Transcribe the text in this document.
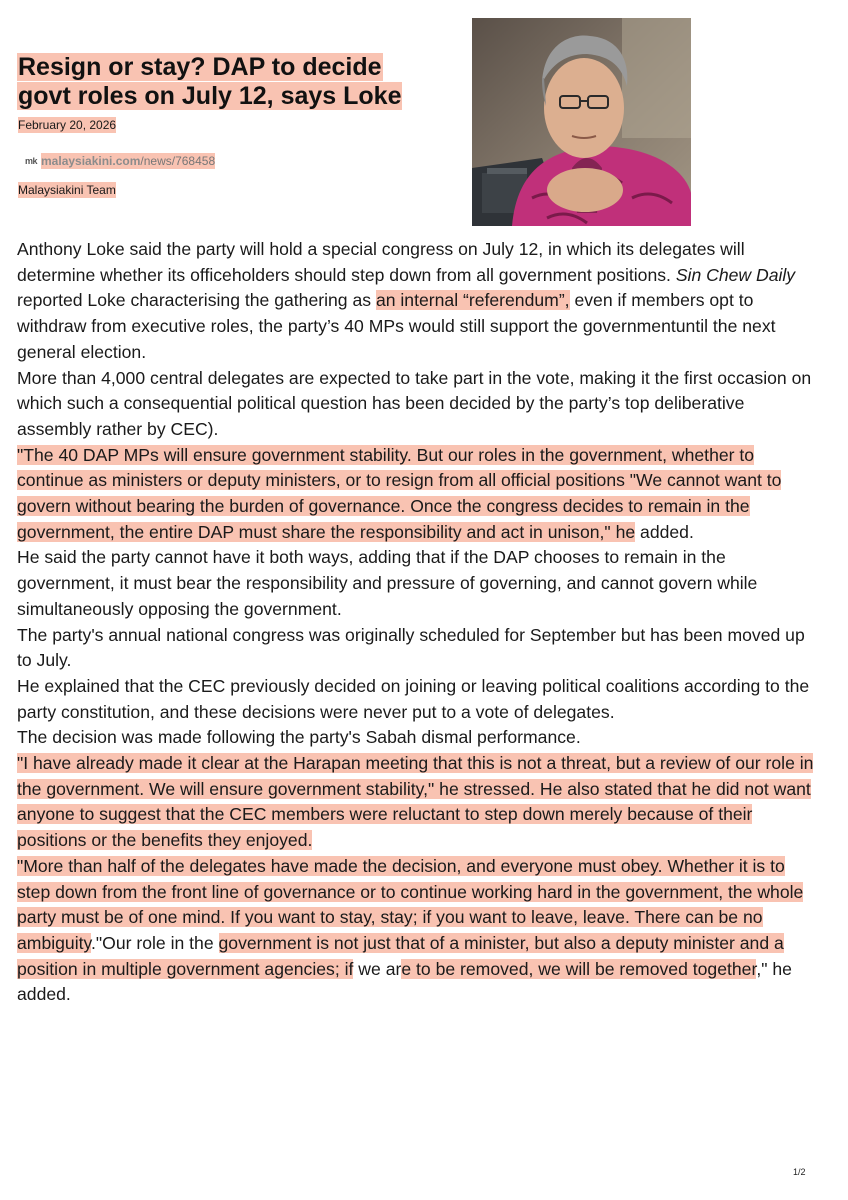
Resign or stay? DAP to decide
govt roles on July 12, says Loke
February 20, 2026
mk malaysiakini.com/news/768458
Malaysiakini Team

Anthony Loke said the party will hold a special congress on July 12, in which its delegates will determine whether its officeholders should step down from all government positions. Sin Chew Daily reported Loke characterising the gathering as an internal “referendum”, even if members opt to withdraw from executive roles, the party’s 40 MPs would still support the governmentuntil the next general election.

More than 4,000 central delegates are expected to take part in the vote, making it the first occasion on which such a consequential political question has been decided by the party’s top deliberative assembly rather by CEC).

"The 40 DAP MPs will ensure government stability. But our roles in the government, whether to continue as ministers or deputy ministers, or to resign from all official positions "We cannot want to govern without bearing the burden of governance. Once the congress decides to remain in the government, the entire DAP must share the responsibility and act in unison," he added.

He said the party cannot have it both ways, adding that if the DAP chooses to remain in the government, it must bear the responsibility and pressure of governing, and cannot govern while simultaneously opposing the government.

The party's annual national congress was originally scheduled for September but has been moved up to July.

He explained that the CEC previously decided on joining or leaving political coalitions according to the party constitution, and these decisions were never put to a vote of delegates.

The decision was made following the party's Sabah dismal performance.

"I have already made it clear at the Harapan meeting that this is not a threat, but a review of our role in the government. We will ensure government stability," he stressed. He also stated that he did not want anyone to suggest that the CEC members were reluctant to step down merely because of their positions or the benefits they enjoyed.

"More than half of the delegates have made the decision, and everyone must obey. Whether it is to step down from the front line of governance or to continue working hard in the government, the whole party must be of one mind. If you want to stay, stay; if you want to leave, leave. There can be no ambiguity."Our role in the government is not just that of a minister, but also a deputy minister and a position in multiple government agencies; if we are to be removed, we will be removed together," he added.

1/2
